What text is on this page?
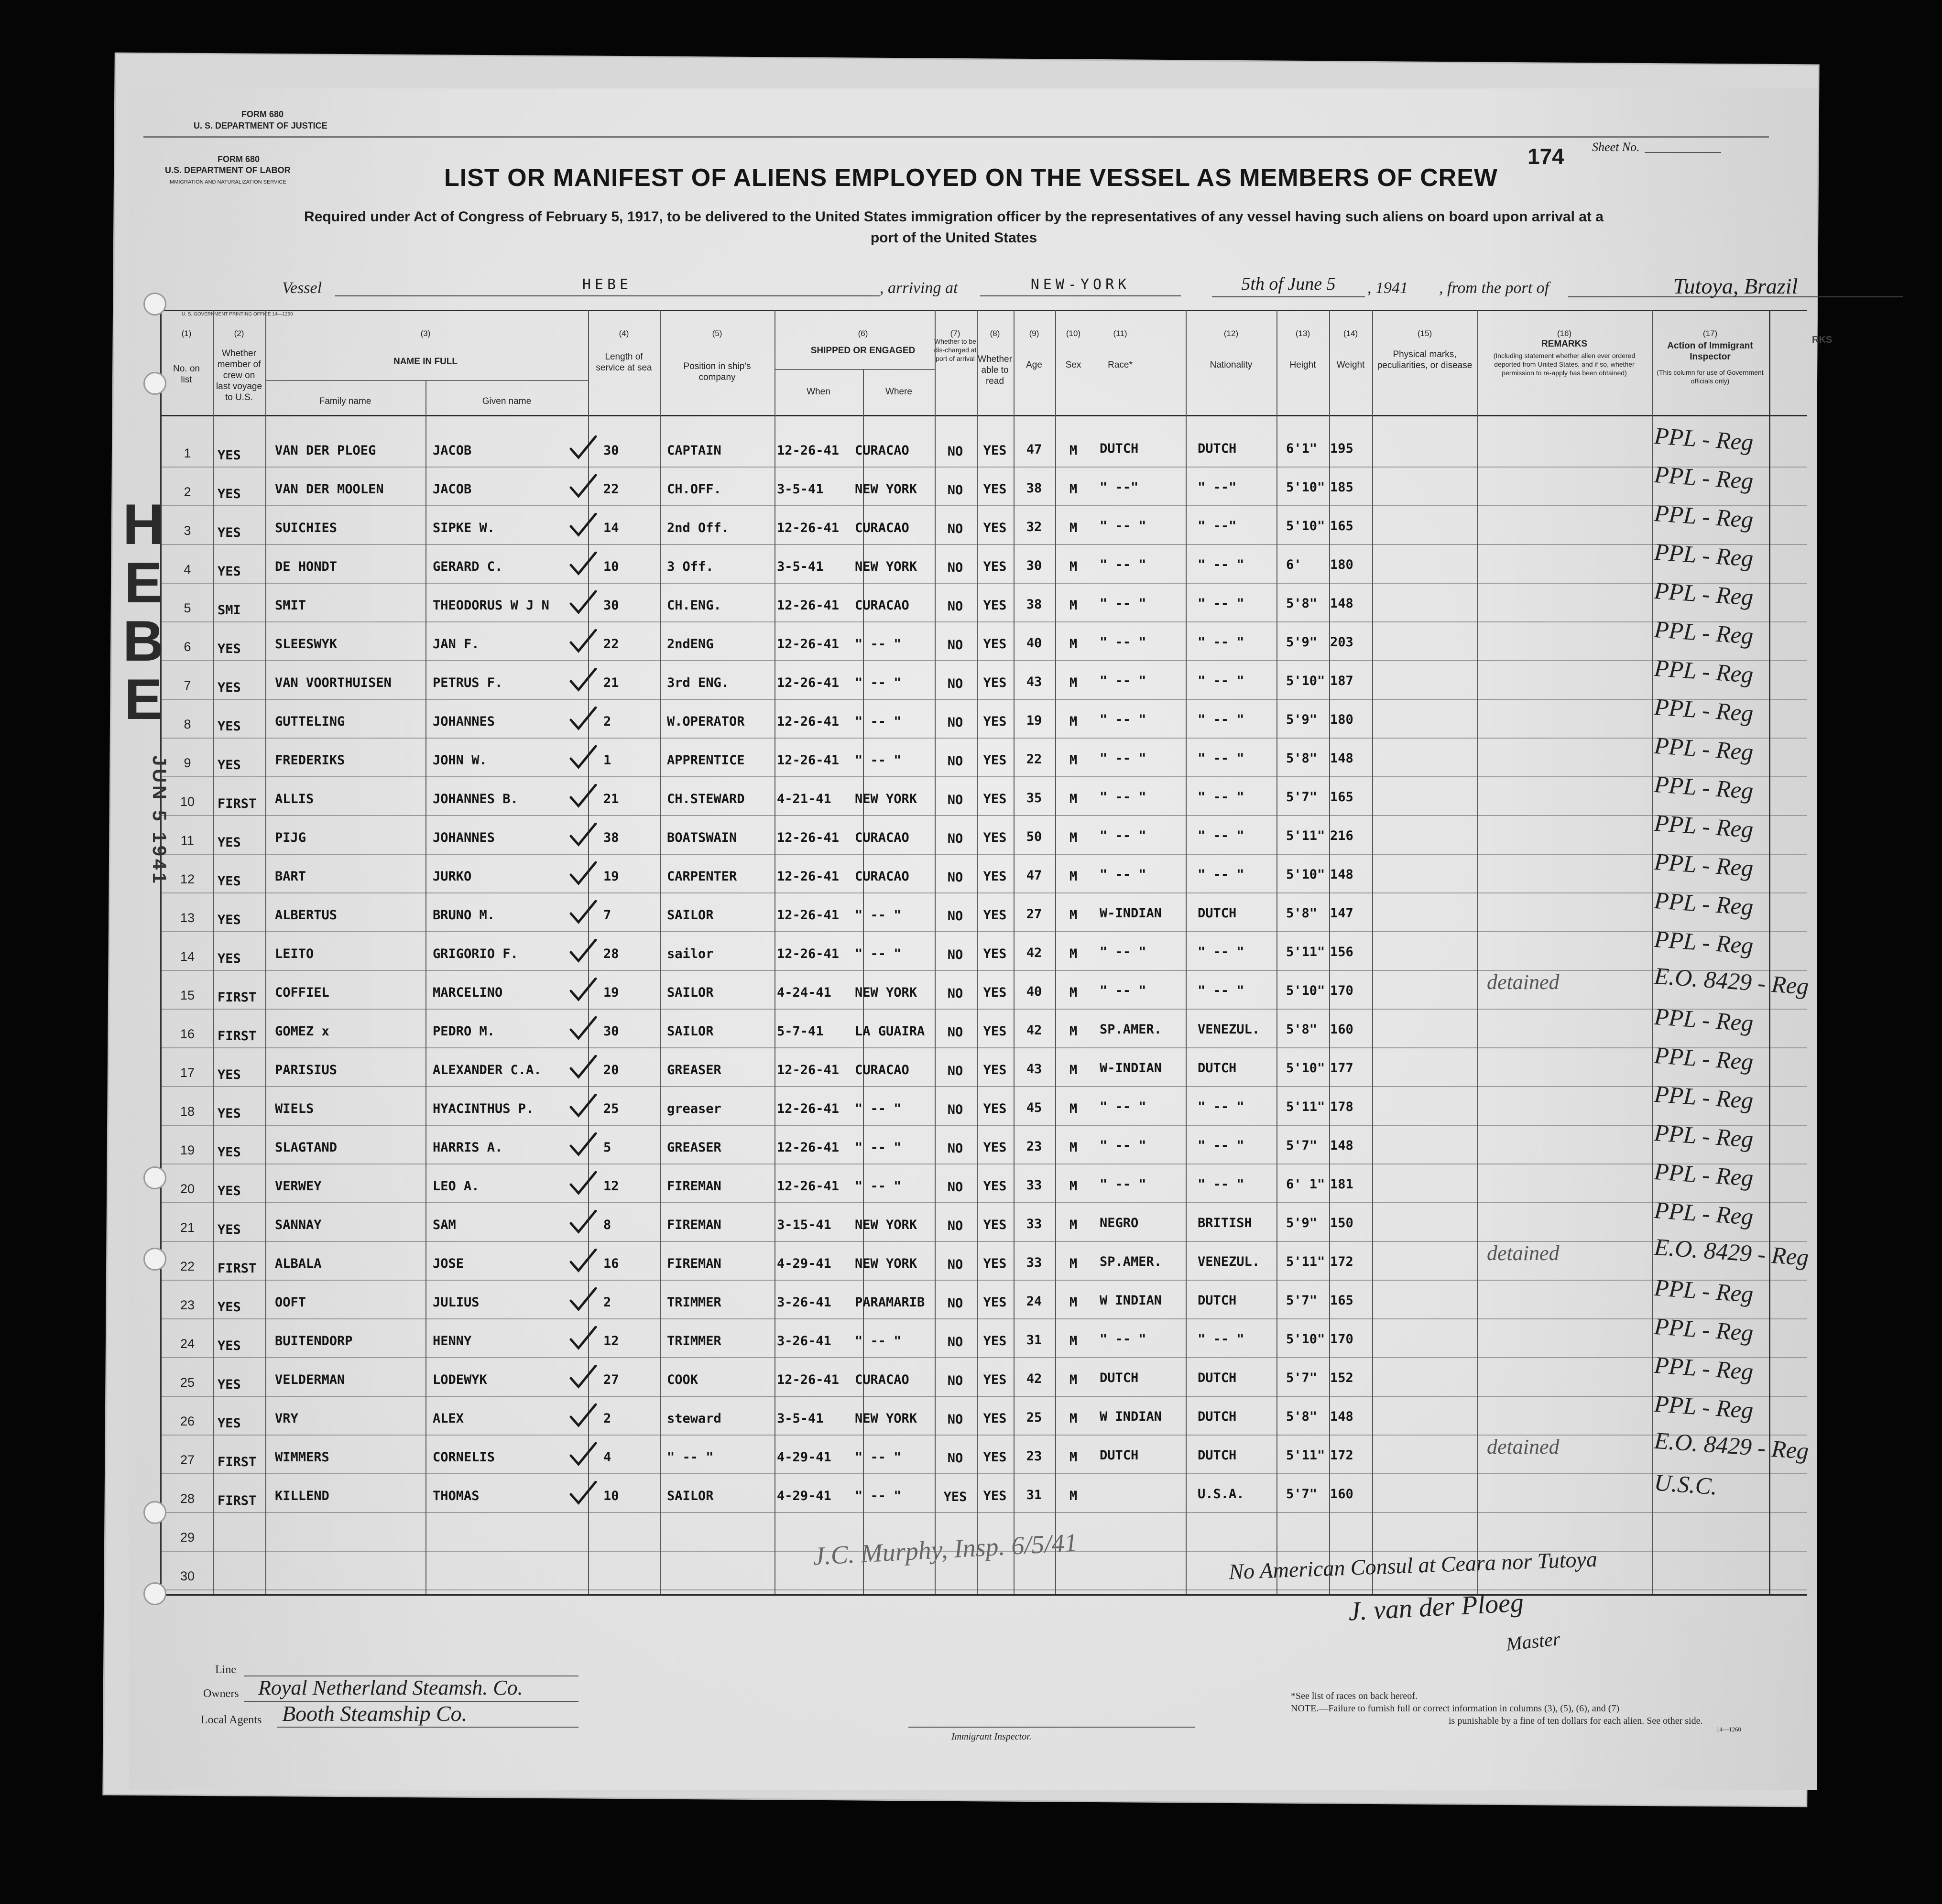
FORM 680
U. S. DEPARTMENT OF JUSTICE
FORM 680
U.S. DEPARTMENT OF LABOR
IMMIGRATION AND NATURALIZATION SERVICE
174 Sheet No.
LIST OR MANIFEST OF ALIENS EMPLOYED ON THE VESSEL AS MEMBERS OF CREW
Required under Act of Congress of February 5, 1917, to be delivered to the United States immigration officer by the representatives of any vessel having such aliens on board upon arrival at a
port of the United States
Vessel	HEBE	, arriving at	NEW-YORK	5th of June 5	, 1941 , from the port of	Tutoya, Brazil
U. S. GOVERNMENT PRINTING OFFICE 14—1260
(1)	(2)	(3)	(4)	(5)	(6)	(7)	(8)	(9)	(10)	(11)	(12)	(13)	(14)	(15)	(16)	(17)
No. on list
Whether member of crew on last voyage to U.S.
NAME IN FULL
Family name	Given name
Length of service at sea	Position in ship's company
SHIPPED OR ENGAGED
When	Where
Whether to be dis-charged at port of arrival Whether able to read
Age	Sex	Race*	Nationality	Height	Weight
Physical marks, peculiarities, or disease
REMARKS
(Including statement whether alien ever ordered deported from United States, and if so, whether permission to re-apply has been obtained)
Action of Immigrant Inspector
(This column for use of Government officials only)
1 YES	VAN DER PLOEG	JACOB	30	CAPTAIN	12-26-41 CURACAO	NO YES 47 M DUTCH	DUTCH	6'1" 195	PPL - Reg
2 YES	VAN DER MOOLEN	JACOB	22	CH.OFF.	3-5-41 NEW YORK NO YES 38 M " --"	" --"	5'10" 185	PPL - Reg
3 YES	SUICHIES	SIPKE W.	14	2nd Off.	12-26-41 CURACAO	NO YES 32 M " -- "	" --"	5'10" 165	PPL - Reg
4 YES	DE HONDT	GERARD C.	10	3 Off.	3-5-41 NEW YORK NO YES 30 M " -- "	" -- "	6' 180	PPL - Reg
5 SMI	SMIT	THEODORUS W J N	30	CH.ENG.	12-26-41 CURACAO	NO YES 38 M " -- "	" -- "	5'8" 148	PPL - Reg
6 YES	SLEESWYK	JAN F.	22	2ndENG	12-26-41 " -- "	NO YES 40 M " -- "	" -- "	5'9" 203	PPL - Reg
7 YES	VAN VOORTHUISEN	PETRUS F.	21	3rd ENG.	12-26-41 " -- "	NO YES 43 M " -- "	" -- "	5'10" 187	PPL - Reg
8 YES	GUTTELING	JOHANNES	2	W.OPERATOR 12-26-41 " -- "	NO YES 19 M " -- "	" -- "	5'9" 180	PPL - Reg
9 YES	FREDERIKS	JOHN W.	1	APPRENTICE 12-26-41 " -- "	NO YES 22 M " -- "	" -- "	5'8" 148	PPL - Reg
10 FIRST ALLIS	JOHANNES B.	21	CH.STEWARD 4-21-41 NEW YORK NO YES 35 M " -- "	" -- "	5'7" 165	PPL - Reg
11 YES	PIJG	JOHANNES	38	BOATSWAIN	12-26-41 CURACAO	NO YES 50 M " -- "	" -- "	5'11" 216	PPL - Reg
12 YES	BART	JURKO	19	CARPENTER	12-26-41 CURACAO	NO YES 47 M " -- "	" -- "	5'10" 148	PPL - Reg
13 YES	ALBERTUS	BRUNO M.	7	SAILOR	12-26-41 " -- "	NO YES 27 M W-INDIAN	DUTCH	5'8" 147	PPL - Reg
14 YES	LEITO	GRIGORIO F.	28	sailor	12-26-41 " -- "	NO YES 42 M " -- "	" -- "	5'11" 156	PPL - Reg
15 FIRST COFFIEL	MARCELINO	19	SAILOR	4-24-41 NEW YORK NO YES 40 M " -- "	" -- "	5'10" 170	detained	E.O. 8429 - Reg
16 FIRST GOMEZ x	PEDRO M.	30	SAILOR	5-7-41 LA GUAIRA NO YES 42 M SP.AMER.	VENEZUL. 5'8" 160	PPL - Reg
17 YES	PARISIUS	ALEXANDER C.A.	20	GREASER	12-26-41 CURACAO	NO YES 43 M W-INDIAN	DUTCH	5'10" 177	PPL - Reg
18 YES	WIELS	HYACINTHUS P.	25	greaser	12-26-41 " -- "	NO YES 45 M " -- "	" -- "	5'11" 178	PPL - Reg
19 YES	SLAGTAND	HARRIS A.	5	GREASER	12-26-41 " -- "	NO YES 23 M " -- "	" -- "	5'7" 148	PPL - Reg
20 YES	VERWEY	LEO A.	12	FIREMAN	12-26-41 " -- "	NO YES 33 M " -- "	" -- "	6' 1" 181	PPL - Reg
21 YES	SANNAY	SAM	8	FIREMAN	3-15-41 NEW YORK NO YES 33 M NEGRO	BRITISH	5'9" 150	PPL - Reg
22 FIRST ALBALA	JOSE	16	FIREMAN	4-29-41 NEW YORK NO YES 33 M SP.AMER.	VENEZUL. 5'11" 172	detained	E.O. 8429 - Reg
23 YES	OOFT	JULIUS	2	TRIMMER	3-26-41 PARAMARIB NO YES 24 M W INDIAN	DUTCH	5'7" 165	PPL - Reg
24 YES	BUITENDORP	HENNY	12	TRIMMER	3-26-41 " -- "	NO YES 31 M " -- "	" -- "	5'10" 170	PPL - Reg
25 YES	VELDERMAN	LODEWYK	27	COOK	12-26-41 CURACAO	NO YES 42 M DUTCH	DUTCH	5'7" 152	PPL - Reg
26 YES	VRY	ALEX	2	steward	3-5-41 NEW YORK NO YES 25 M W INDIAN	DUTCH	5'8" 148	PPL - Reg
27 FIRST WIMMERS	CORNELIS	4	" -- "	4-29-41 " -- "	NO YES 23 M DUTCH	DUTCH	5'11" 172	detained	E.O. 8429 - Reg
28 FIRST KILLEND	THOMAS	10	SAILOR	4-29-41 " -- "	YES YES 31 M	U.S.A.	5'7" 160	U.S.C.
29
30
HEBE
JUN 5 1941
J.C. Murphy, Insp. 6/5/41	No American Consul at Ceara nor Tutoya
J. van der Ploeg
Master
Line
Owners Royal Netherland Steamsh. Co.
Local Agents Booth Steamship Co.
Immigrant Inspector.
*See list of races on back hereof.
NOTE.—Failure to furnish full or correct information in columns (3), (5), (6), and (7)
is punishable by a fine of ten dollars for each alien. See other side.
14—1260
RKS
